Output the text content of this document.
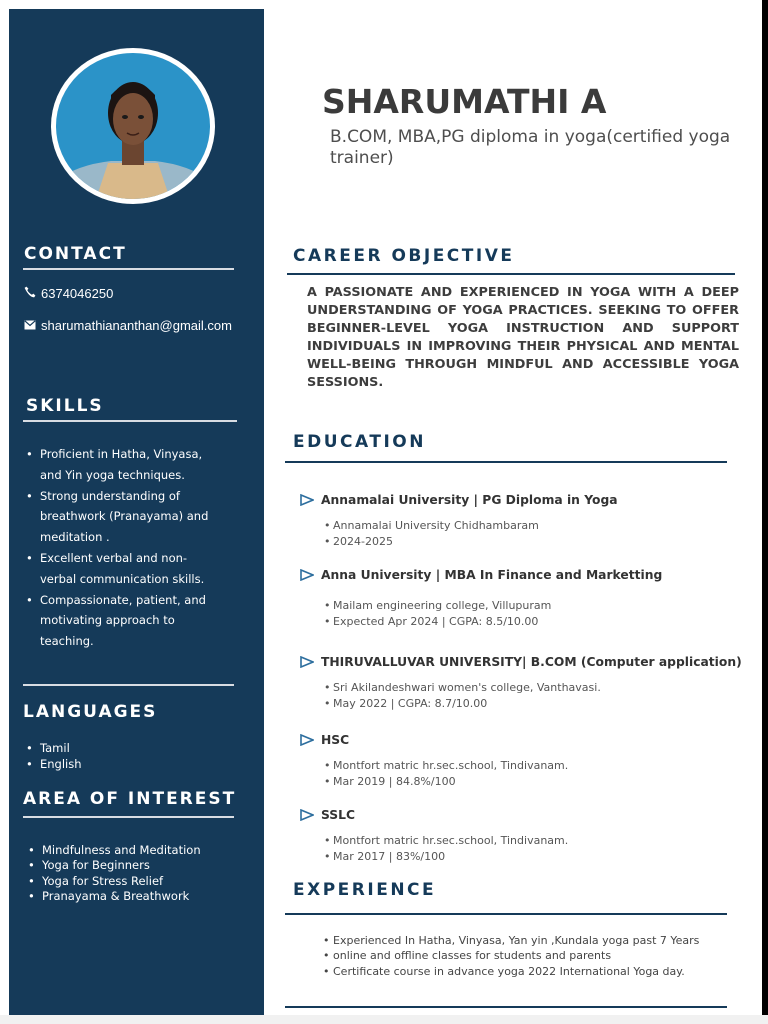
CONTACT
6374046250
sharumathiananthan@gmail.com
SKILLS
• Proficient in Hatha, Vinyasa, and Yin yoga techniques.
• Strong understanding of breathwork (Pranayama) and meditation .
• Excellent verbal and non-verbal communication skills.
• Compassionate, patient, and motivating approach to teaching.
LANGUAGES
• Tamil
• English
AREA OF INTEREST
• Mindfulness and Meditation
• Yoga for Beginners
• Yoga for Stress Relief
• Pranayama & Breathwork
SHARUMATHI A
B.COM, MBA,PG diploma in yoga(certified yoga trainer)
CAREER OBJECTIVE
A PASSIONATE AND EXPERIENCED IN YOGA WITH A DEEP UNDERSTANDING OF YOGA PRACTICES. SEEKING TO OFFER BEGINNER-LEVEL YOGA INSTRUCTION AND SUPPORT INDIVIDUALS IN IMPROVING THEIR PHYSICAL AND MENTAL WELL-BEING THROUGH MINDFUL AND ACCESSIBLE YOGA SESSIONS.
EDUCATION
Annamalai University | PG Diploma in Yoga
• Annamalai University Chidhambaram
• 2024-2025
Anna University | MBA In Finance and Marketting
• Mailam engineering college, Villupuram
• Expected Apr 2024 | CGPA: 8.5/10.00
THIRUVALLUVAR UNIVERSITY| B.COM (Computer application)
• Sri Akilandeshwari women's college, Vanthavasi.
• May 2022 | CGPA: 8.7/10.00
HSC
• Montfort matric hr.sec.school, Tindivanam.
• Mar 2019 | 84.8%/100
SSLC
• Montfort matric hr.sec.school, Tindivanam.
• Mar 2017 | 83%/100
EXPERIENCE
• Experienced In Hatha, Vinyasa, Yan yin ,Kundala yoga past 7 Years
• online and offline classes for students and parents
• Certificate course in advance yoga 2022 International Yoga day.
